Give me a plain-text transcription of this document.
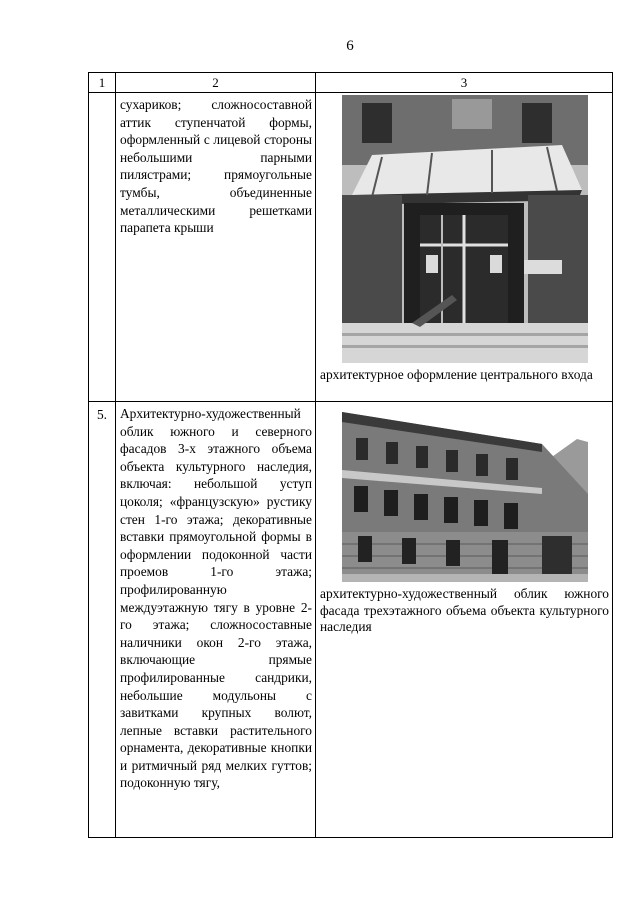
6
1	2	3

	сухариков; сложносоставной аттик ступенчатой формы, оформленный с лицевой стороны небольшими парными пилястрами; прямоугольные тумбы, объединенные металлическими решетками парапета крыши	архитектурное оформление центрального входа

5.	Архитектурно-художественный облик южного и северного фасадов 3-х этажного объема объекта культурного наследия, включая: небольшой уступ цоколя; «французскую» рустику стен 1-го этажа; декоративные вставки прямоугольной формы в оформлении подоконной части проемов 1-го этажа; профилированную междуэтажную тягу в уровне 2-го этажа; сложносоставные наличники окон 2-го этажа, включающие прямые профилированные сандрики, небольшие модульоны с завитками крупных волют, лепные вставки растительного орнамента, декоративные кнопки и ритмичный ряд мелких гуттов; подоконную тягу,	архитектурно-художественный облик южного фасада трехэтажного объема объекта культурного наследия
